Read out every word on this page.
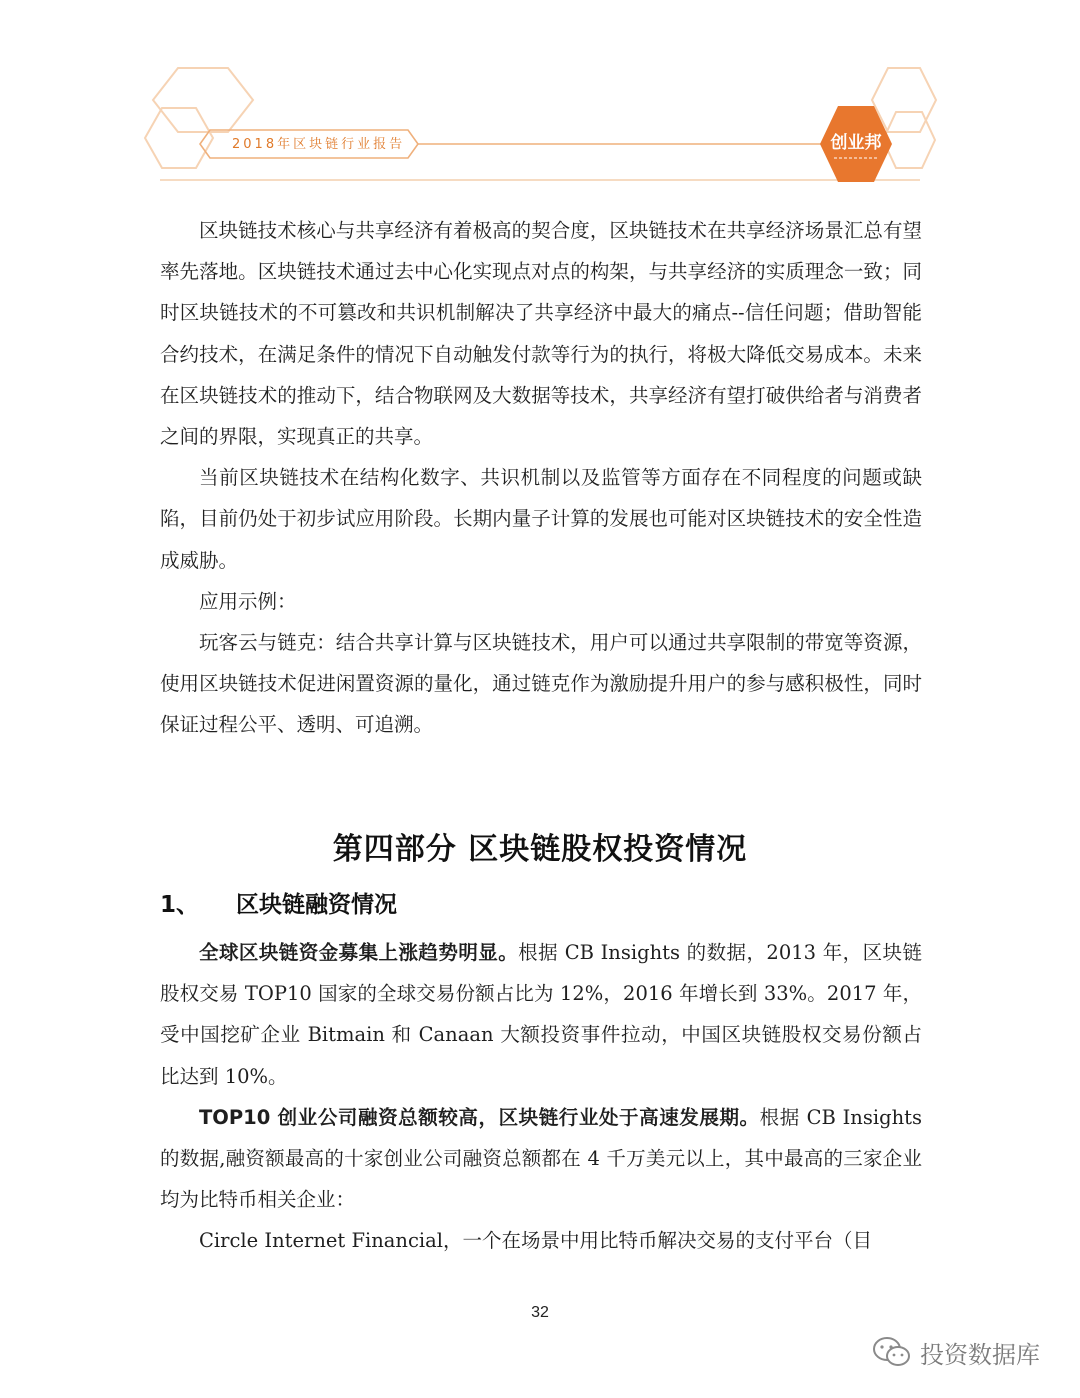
2018年区块链行业报告	创业邦

区块链技术核心与共享经济有着极高的契合度，区块链技术在共享经济场景汇总有望率先落地。区块链技术通过去中心化实现点对点的构架，与共享经济的实质理念一致；同时区块链技术的不可篡改和共识机制解决了共享经济中最大的痛点--信任问题；借助智能合约技术，在满足条件的情况下自动触发付款等行为的执行，将极大降低交易成本。未来在区块链技术的推动下，结合物联网及大数据等技术，共享经济有望打破供给者与消费者之间的界限，实现真正的共享。

当前区块链技术在结构化数字、共识机制以及监管等方面存在不同程度的问题或缺陷，目前仍处于初步试应用阶段。长期内量子计算的发展也可能对区块链技术的安全性造成威胁。

应用示例：

玩客云与链克：结合共享计算与区块链技术，用户可以通过共享限制的带宽等资源，使用区块链技术促进闲置资源的量化，通过链克作为激励提升用户的参与感积极性，同时保证过程公平、透明、可追溯。

第四部分 区块链股权投资情况
1、 区块链融资情况

全球区块链资金募集上涨趋势明显。根据 CB Insights 的数据，2013 年，区块链股权交易 TOP10 国家的全球交易份额占比为 12%，2016 年增长到 33%。2017 年，受中国挖矿企业 Bitmain 和 Canaan 大额投资事件拉动，中国区块链股权交易份额占比达到 10%。

TOP10 创业公司融资总额较高，区块链行业处于高速发展期。根据 CB Insights 的数据,融资额最高的十家创业公司融资总额都在 4 千万美元以上，其中最高的三家企业均为比特币相关企业：

Circle Internet Financial，一个在场景中用比特币解决交易的支付平台（目

32
投资数据库
